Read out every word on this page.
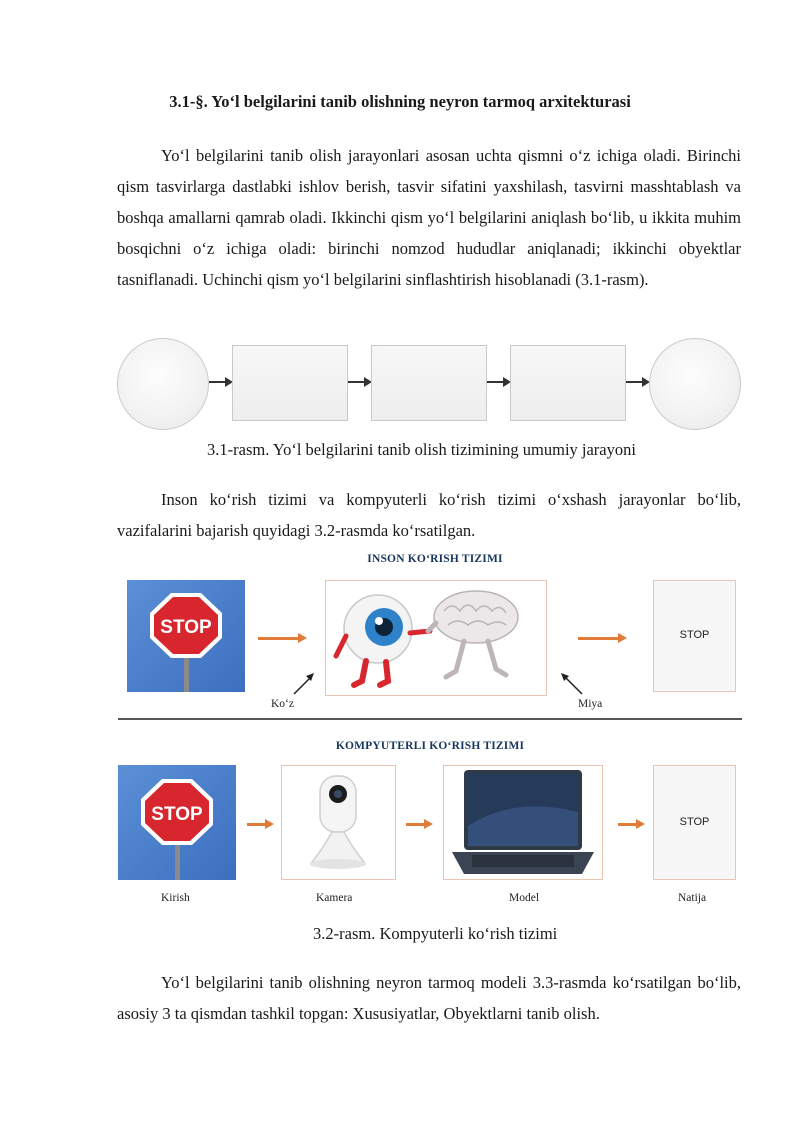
3.1-§. Yo‘l belgilarini tanib olishning neyron tarmoq arxitekturasi
Yo‘l belgilarini tanib olish jarayonlari asosan uchta qismni o‘z ichiga oladi. Birinchi qism tasvirlarga dastlabki ishlov berish, tasvir sifatini yaxshilash, tasvirni masshtablash va boshqa amallarni qamrab oladi. Ikkinchi qism yo‘l belgilarini aniqlash bo‘lib, u ikkita muhim bosqichni o‘z ichiga oladi: birinchi nomzod hududlar aniqlanadi; ikkinchi obyektlar tasniflanadi. Uchinchi qism yo‘l belgilarini sinflashtirish hisoblanadi (3.1-rasm).
3.1-rasm. Yo‘l belgilarini tanib olish tizimining umumiy jarayoni
Inson ko‘rish tizimi va kompyuterli ko‘rish tizimi o‘xshash jarayonlar bo‘lib, vazifalarini bajarish quyidagi 3.2-rasmda ko‘rsatilgan.
INSON KO‘RISH TIZIMI
STOP	STOP
Ko‘z	Miya
KOMPYUTERLI KO‘RISH TIZIMI
STOP	STOP
Kirish	Kamera	Model	Natija
3.2-rasm. Kompyuterli ko‘rish tizimi
Yo‘l belgilarini tanib olishning neyron tarmoq modeli 3.3-rasmda ko‘rsatilgan bo‘lib, asosiy 3 ta qismdan tashkil topgan: Xususiyatlar, Obyektlarni tanib olish.
